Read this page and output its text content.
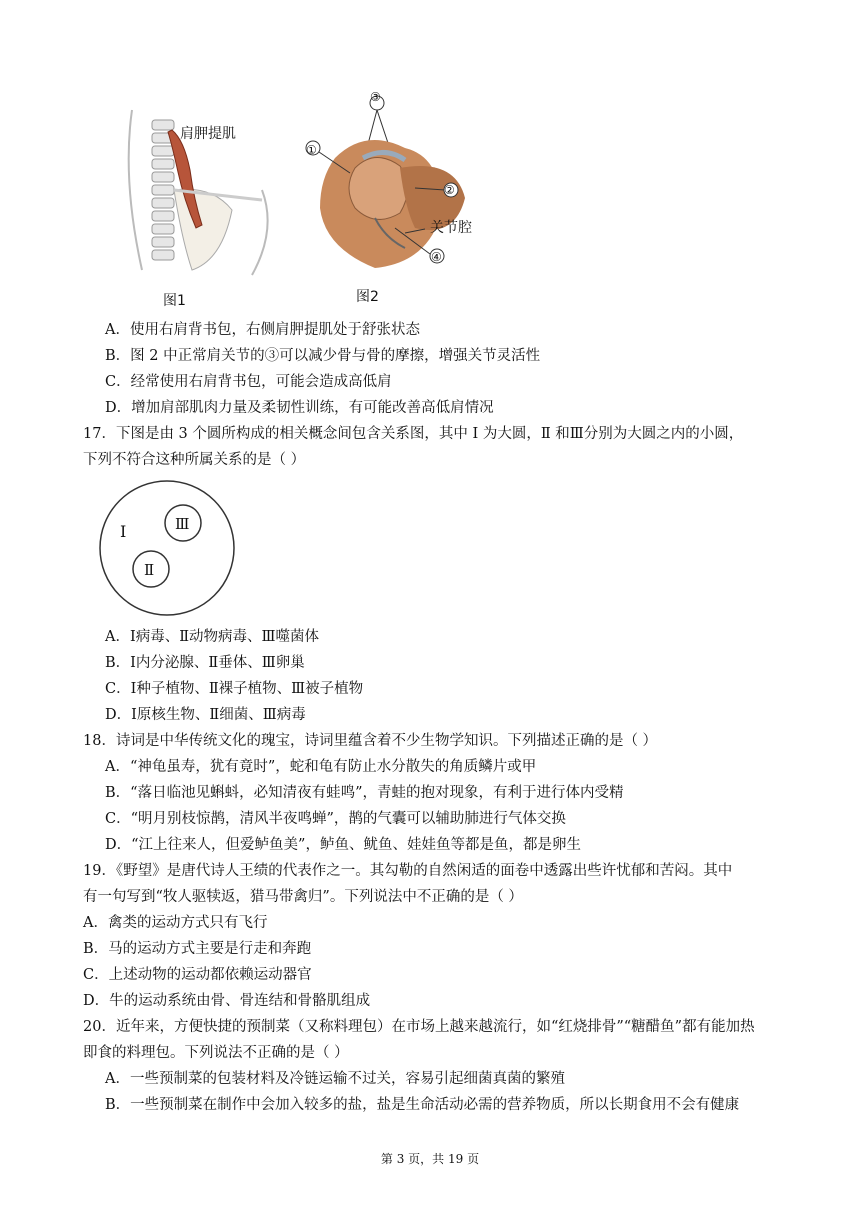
肩胛提肌
图1
③
①
②
关节腔
④
图2
A．使用右肩背书包，右侧肩胛提肌处于舒张状态
B．图 2 中正常肩关节的③可以减少骨与骨的摩擦，增强关节灵活性
C．经常使用右肩背书包，可能会造成高低肩
D．增加肩部肌肉力量及柔韧性训练，有可能改善高低肩情况
17．下图是由 3 个圆所构成的相关概念间包含关系图，其中 Ⅰ 为大圆，Ⅱ 和Ⅲ分别为大圆之内的小圆，
下列不符合这种所属关系的是（ ）
Ⅰ	Ⅲ
Ⅱ
A．Ⅰ病毒、Ⅱ动物病毒、Ⅲ噬菌体
B．Ⅰ内分泌腺、Ⅱ垂体、Ⅲ卵巢
C．Ⅰ种子植物、Ⅱ裸子植物、Ⅲ被子植物
D．Ⅰ原核生物、Ⅱ细菌、Ⅲ病毒
18．诗词是中华传统文化的瑰宝，诗词里蕴含着不少生物学知识。下列描述正确的是（ ）
A．“神龟虽寿，犹有竟时”，蛇和龟有防止水分散失的角质鳞片或甲
B．“落日临池见蝌蚪，必知清夜有蛙鸣”，青蛙的抱对现象，有利于进行体内受精
C．“明月别枝惊鹊，清风半夜鸣蝉”，鹊的气囊可以辅助肺进行气体交换
D．“江上往来人，但爱鲈鱼美”，鲈鱼、鱿鱼、娃娃鱼等都是鱼，都是卵生
19．《野望》是唐代诗人王绩的代表作之一。其勾勒的自然闲适的面卷中透露出些许忧郁和苦闷。其中
有一句写到“牧人驱犊返，猎马带禽归”。下列说法中不正确的是（ ）
A．禽类的运动方式只有飞行
B．马的运动方式主要是行走和奔跑
C．上述动物的运动都依赖运动器官
D．牛的运动系统由骨、骨连结和骨骼肌组成
20．近年来，方便快捷的预制菜（又称料理包）在市场上越来越流行，如“红烧排骨”“糖醋鱼”都有能加热
即食的料理包。下列说法不正确的是（ ）
A．一些预制菜的包装材料及冷链运输不过关，容易引起细菌真菌的繁殖
B．一些预制菜在制作中会加入较多的盐，盐是生命活动必需的营养物质，所以长期食用不会有健康
第 3 页，共 19 页
